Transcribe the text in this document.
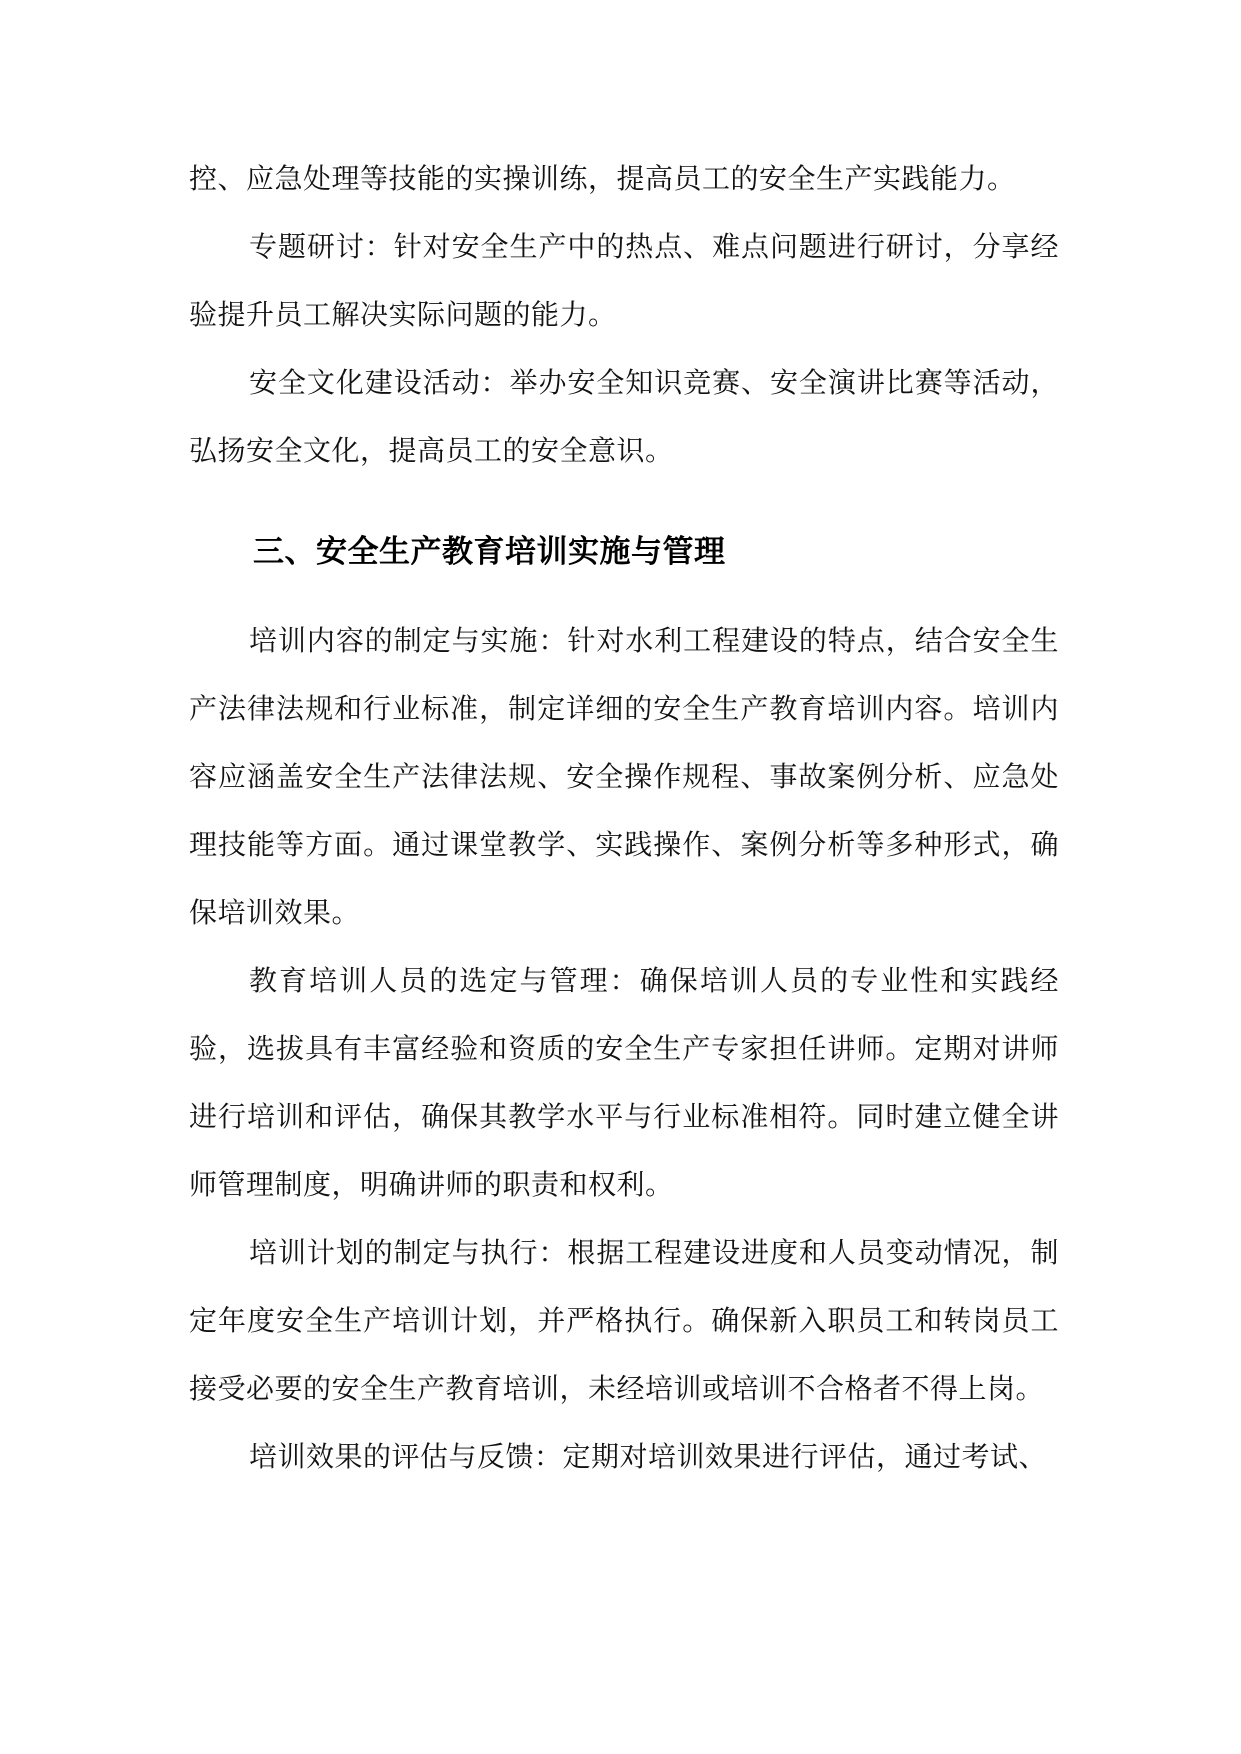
控、应急处理等技能的实操训练，提高员工的安全生产实践能力。

专题研讨：针对安全生产中的热点、难点问题进行研讨，分享经验提升员工解决实际问题的能力。

安全文化建设活动：举办安全知识竞赛、安全演讲比赛等活动，弘扬安全文化，提高员工的安全意识。

三、安全生产教育培训实施与管理

培训内容的制定与实施：针对水利工程建设的特点，结合安全生产法律法规和行业标准，制定详细的安全生产教育培训内容。培训内容应涵盖安全生产法律法规、安全操作规程、事故案例分析、应急处理技能等方面。通过课堂教学、实践操作、案例分析等多种形式，确保培训效果。

教育培训人员的选定与管理：确保培训人员的专业性和实践经验，选拔具有丰富经验和资质的安全生产专家担任讲师。定期对讲师进行培训和评估，确保其教学水平与行业标准相符。同时建立健全讲师管理制度，明确讲师的职责和权利。

培训计划的制定与执行：根据工程建设进度和人员变动情况，制定年度安全生产培训计划，并严格执行。确保新入职员工和转岗员工接受必要的安全生产教育培训，未经培训或培训不合格者不得上岗。

培训效果的评估与反馈：定期对培训效果进行评估，通过考试、
